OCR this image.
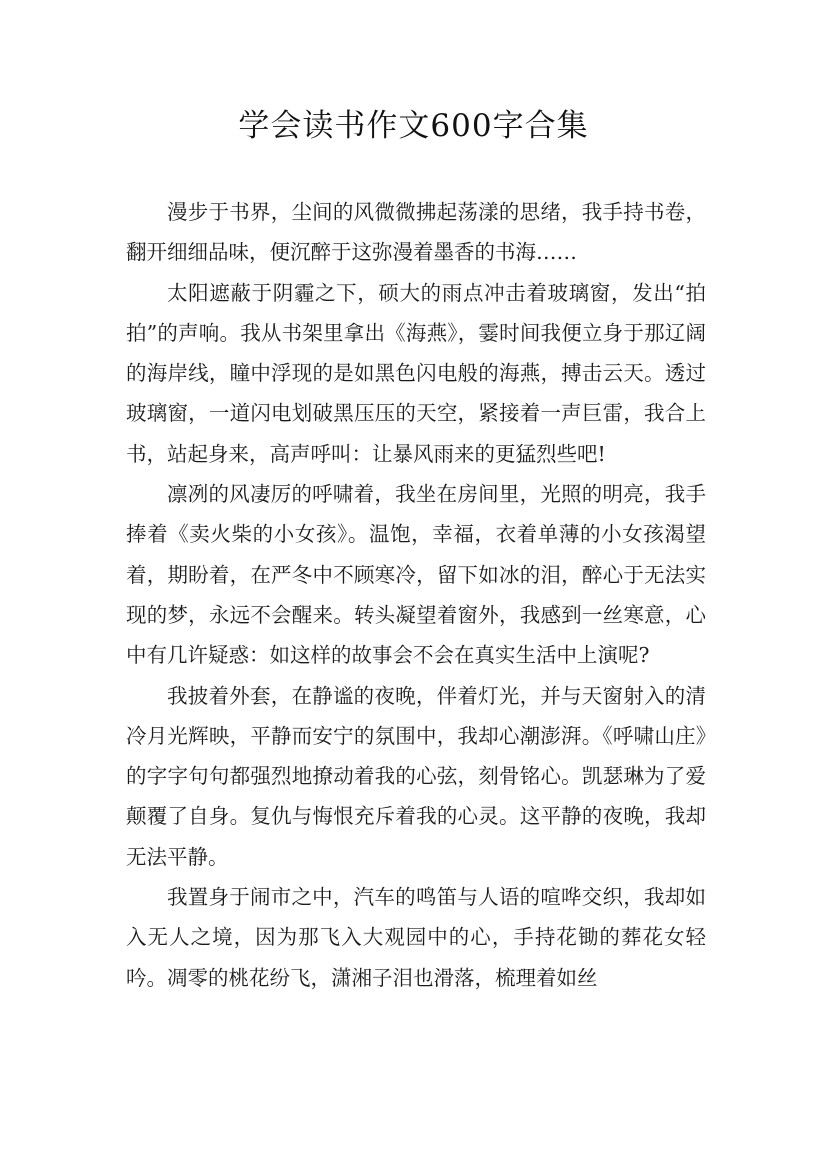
学会读书作文600字合集

漫步于书界，尘间的风微微拂起荡漾的思绪，我手持书卷，翻开细细品味，便沉醉于这弥漫着墨香的书海……

太阳遮蔽于阴霾之下，硕大的雨点冲击着玻璃窗，发出“拍拍”的声响。我从书架里拿出《海燕》，霎时间我便立身于那辽阔的海岸线，瞳中浮现的是如黑色闪电般的海燕，搏击云天。透过玻璃窗，一道闪电划破黑压压的天空，紧接着一声巨雷，我合上书，站起身来，高声呼叫：让暴风雨来的更猛烈些吧!

凛冽的风凄厉的呼啸着，我坐在房间里，光照的明亮，我手捧着《卖火柴的小女孩》。温饱，幸福，衣着单薄的小女孩渴望着，期盼着，在严冬中不顾寒冷，留下如冰的泪，醉心于无法实现的梦，永远不会醒来。转头凝望着窗外，我感到一丝寒意，心中有几许疑惑：如这样的故事会不会在真实生活中上演呢?

我披着外套，在静谧的夜晚，伴着灯光，并与天窗射入的清冷月光辉映，平静而安宁的氛围中，我却心潮澎湃。《呼啸山庄》的字字句句都强烈地撩动着我的心弦，刻骨铭心。凯瑟琳为了爱颠覆了自身。复仇与悔恨充斥着我的心灵。这平静的夜晚，我却无法平静。

我置身于闹市之中，汽车的鸣笛与人语的喧哗交织，我却如入无人之境，因为那飞入大观园中的心，手持花锄的葬花女轻吟。凋零的桃花纷飞，潇湘子泪也滑落，梳理着如丝
